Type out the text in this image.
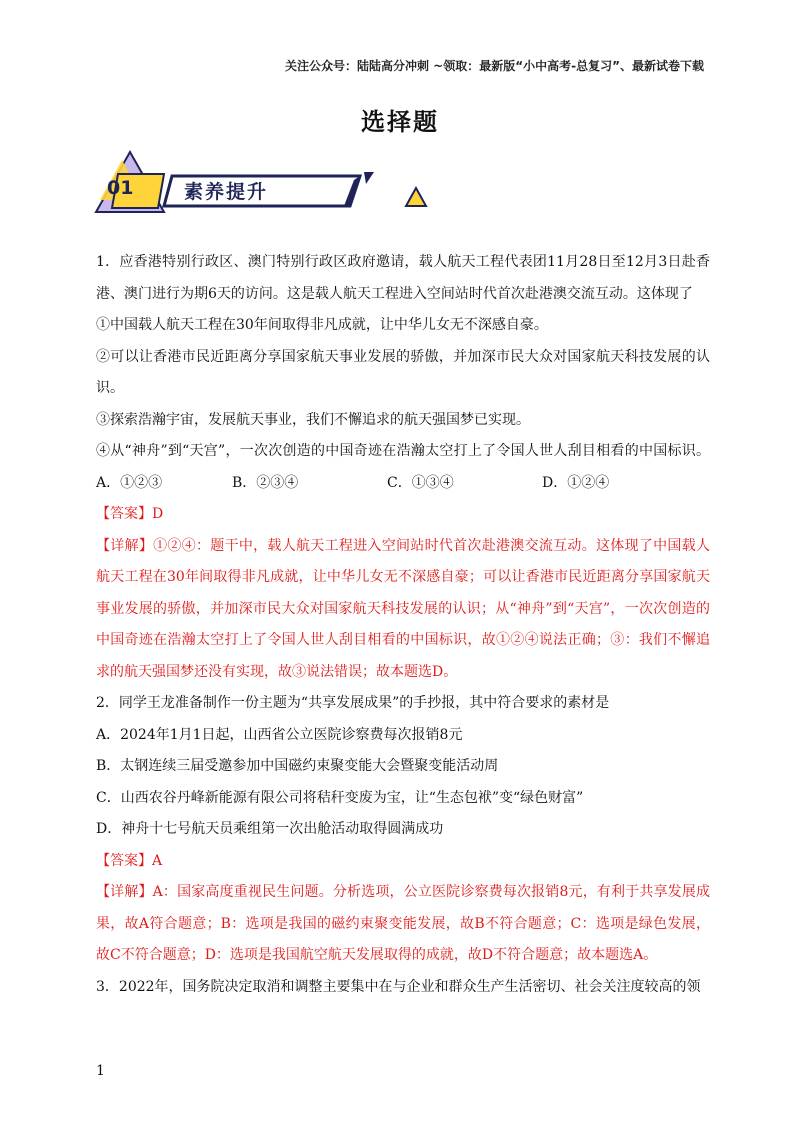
关注公众号：陆陆高分冲刺 ~领取：最新版“小中高考-总复习”、最新试卷下载
选择题
01	素养提升

1．应香港特别行政区、澳门特别行政区政府邀请，载人航天工程代表团11月28日至12月3日赴香港、澳门进行为期6天的访问。这是载人航天工程进入空间站时代首次赴港澳交流互动。这体现了

①中国载人航天工程在30年间取得非凡成就，让中华儿女无不深感自豪。

②可以让香港市民近距离分享国家航天事业发展的骄傲，并加深市民大众对国家航天科技发展的认识。

③探索浩瀚宇宙，发展航天事业，我们不懈追求的航天强国梦已实现。

④从“神舟”到“天宫”，一次次创造的中国奇迹在浩瀚太空打上了令国人世人刮目相看的中国标识。A．①②③	B．②③④	C．①③④	D．①②④

【答案】D

【详解】①②④：题干中，载人航天工程进入空间站时代首次赴港澳交流互动。这体现了中国载人航天工程在30年间取得非凡成就，让中华儿女无不深感自豪；可以让香港市民近距离分享国家航天事业发展的骄傲，并加深市民大众对国家航天科技发展的认识；从“神舟”到“天宫”，一次次创造的中国奇迹在浩瀚太空打上了令国人世人刮目相看的中国标识，故①②④说法正确；③：我们不懈追求的航天强国梦还没有实现，故③说法错误；故本题选D。

2．同学王龙准备制作一份主题为“共享发展成果”的手抄报，其中符合要求的素材是

A．2024年1月1日起，山西省公立医院诊察费每次报销8元

B．太钢连续三届受邀参加中国磁约束聚变能大会暨聚变能活动周

C．山西农谷丹峰新能源有限公司将秸秆变废为宝，让“生态包袱”变“绿色财富”

D．神舟十七号航天员乘组第一次出舱活动取得圆满成功

【答案】A

【详解】A：国家高度重视民生问题。分析选项，公立医院诊察费每次报销8元，有利于共享发展成果，故A符合题意；B：选项是我国的磁约束聚变能发展，故B不符合题意；C：选项是绿色发展，故C不符合题意；D：选项是我国航空航天发展取得的成就，故D不符合题意；故本题选A。

3．2022年，国务院决定取消和调整主要集中在与企业和群众生产生活密切、社会关注度较高的领

1
